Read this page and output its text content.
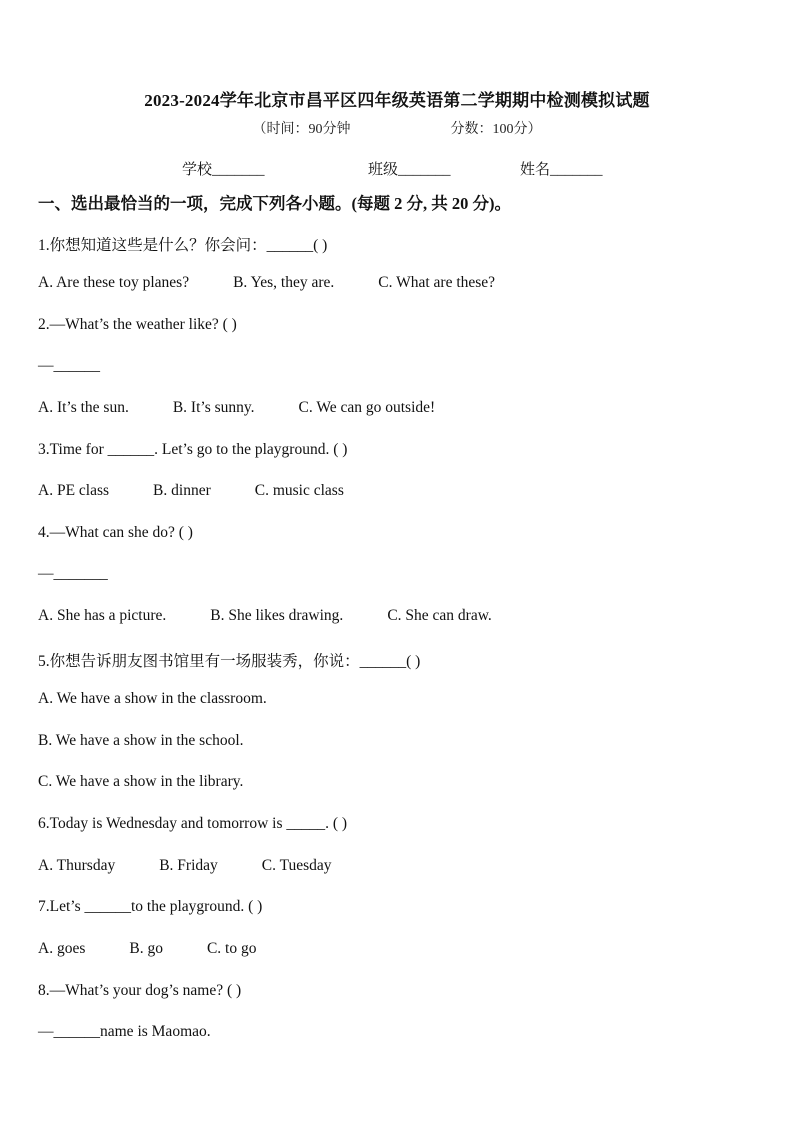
2023-2024学年北京市昌平区四年级英语第二学期期中检测模拟试题
（时间：90分钟	分数：100分）
学校_______	班级_______	姓名_______
一、选出最恰当的一项，完成下列各小题。(每题 2 分, 共 20 分)。
1.你想知道这些是什么？你会问：______( )
A. Are these toy planes?	B. Yes, they are.	C. What are these?
2.—What’s the weather like? ( )
—______
A. It’s the sun.	B. It’s sunny.	C. We can go outside!
3.Time for ______. Let’s go to the playground. ( )
A. PE class	B. dinner	C. music class
4.—What can she do? ( )
—_______
A. She has a picture.	B. She likes drawing.	C. She can draw.
5.你想告诉朋友图书馆里有一场服装秀，你说：______( )
A. We have a show in the classroom.
B. We have a show in the school.
C. We have a show in the library.
6.Today is Wednesday and tomorrow is _____. ( )
A. Thursday	B. Friday	C. Tuesday
7.Let’s ______to the playground. ( )
A. goes	B. go	C. to go
8.—What’s your dog’s name? ( )
—______name is Maomao.
